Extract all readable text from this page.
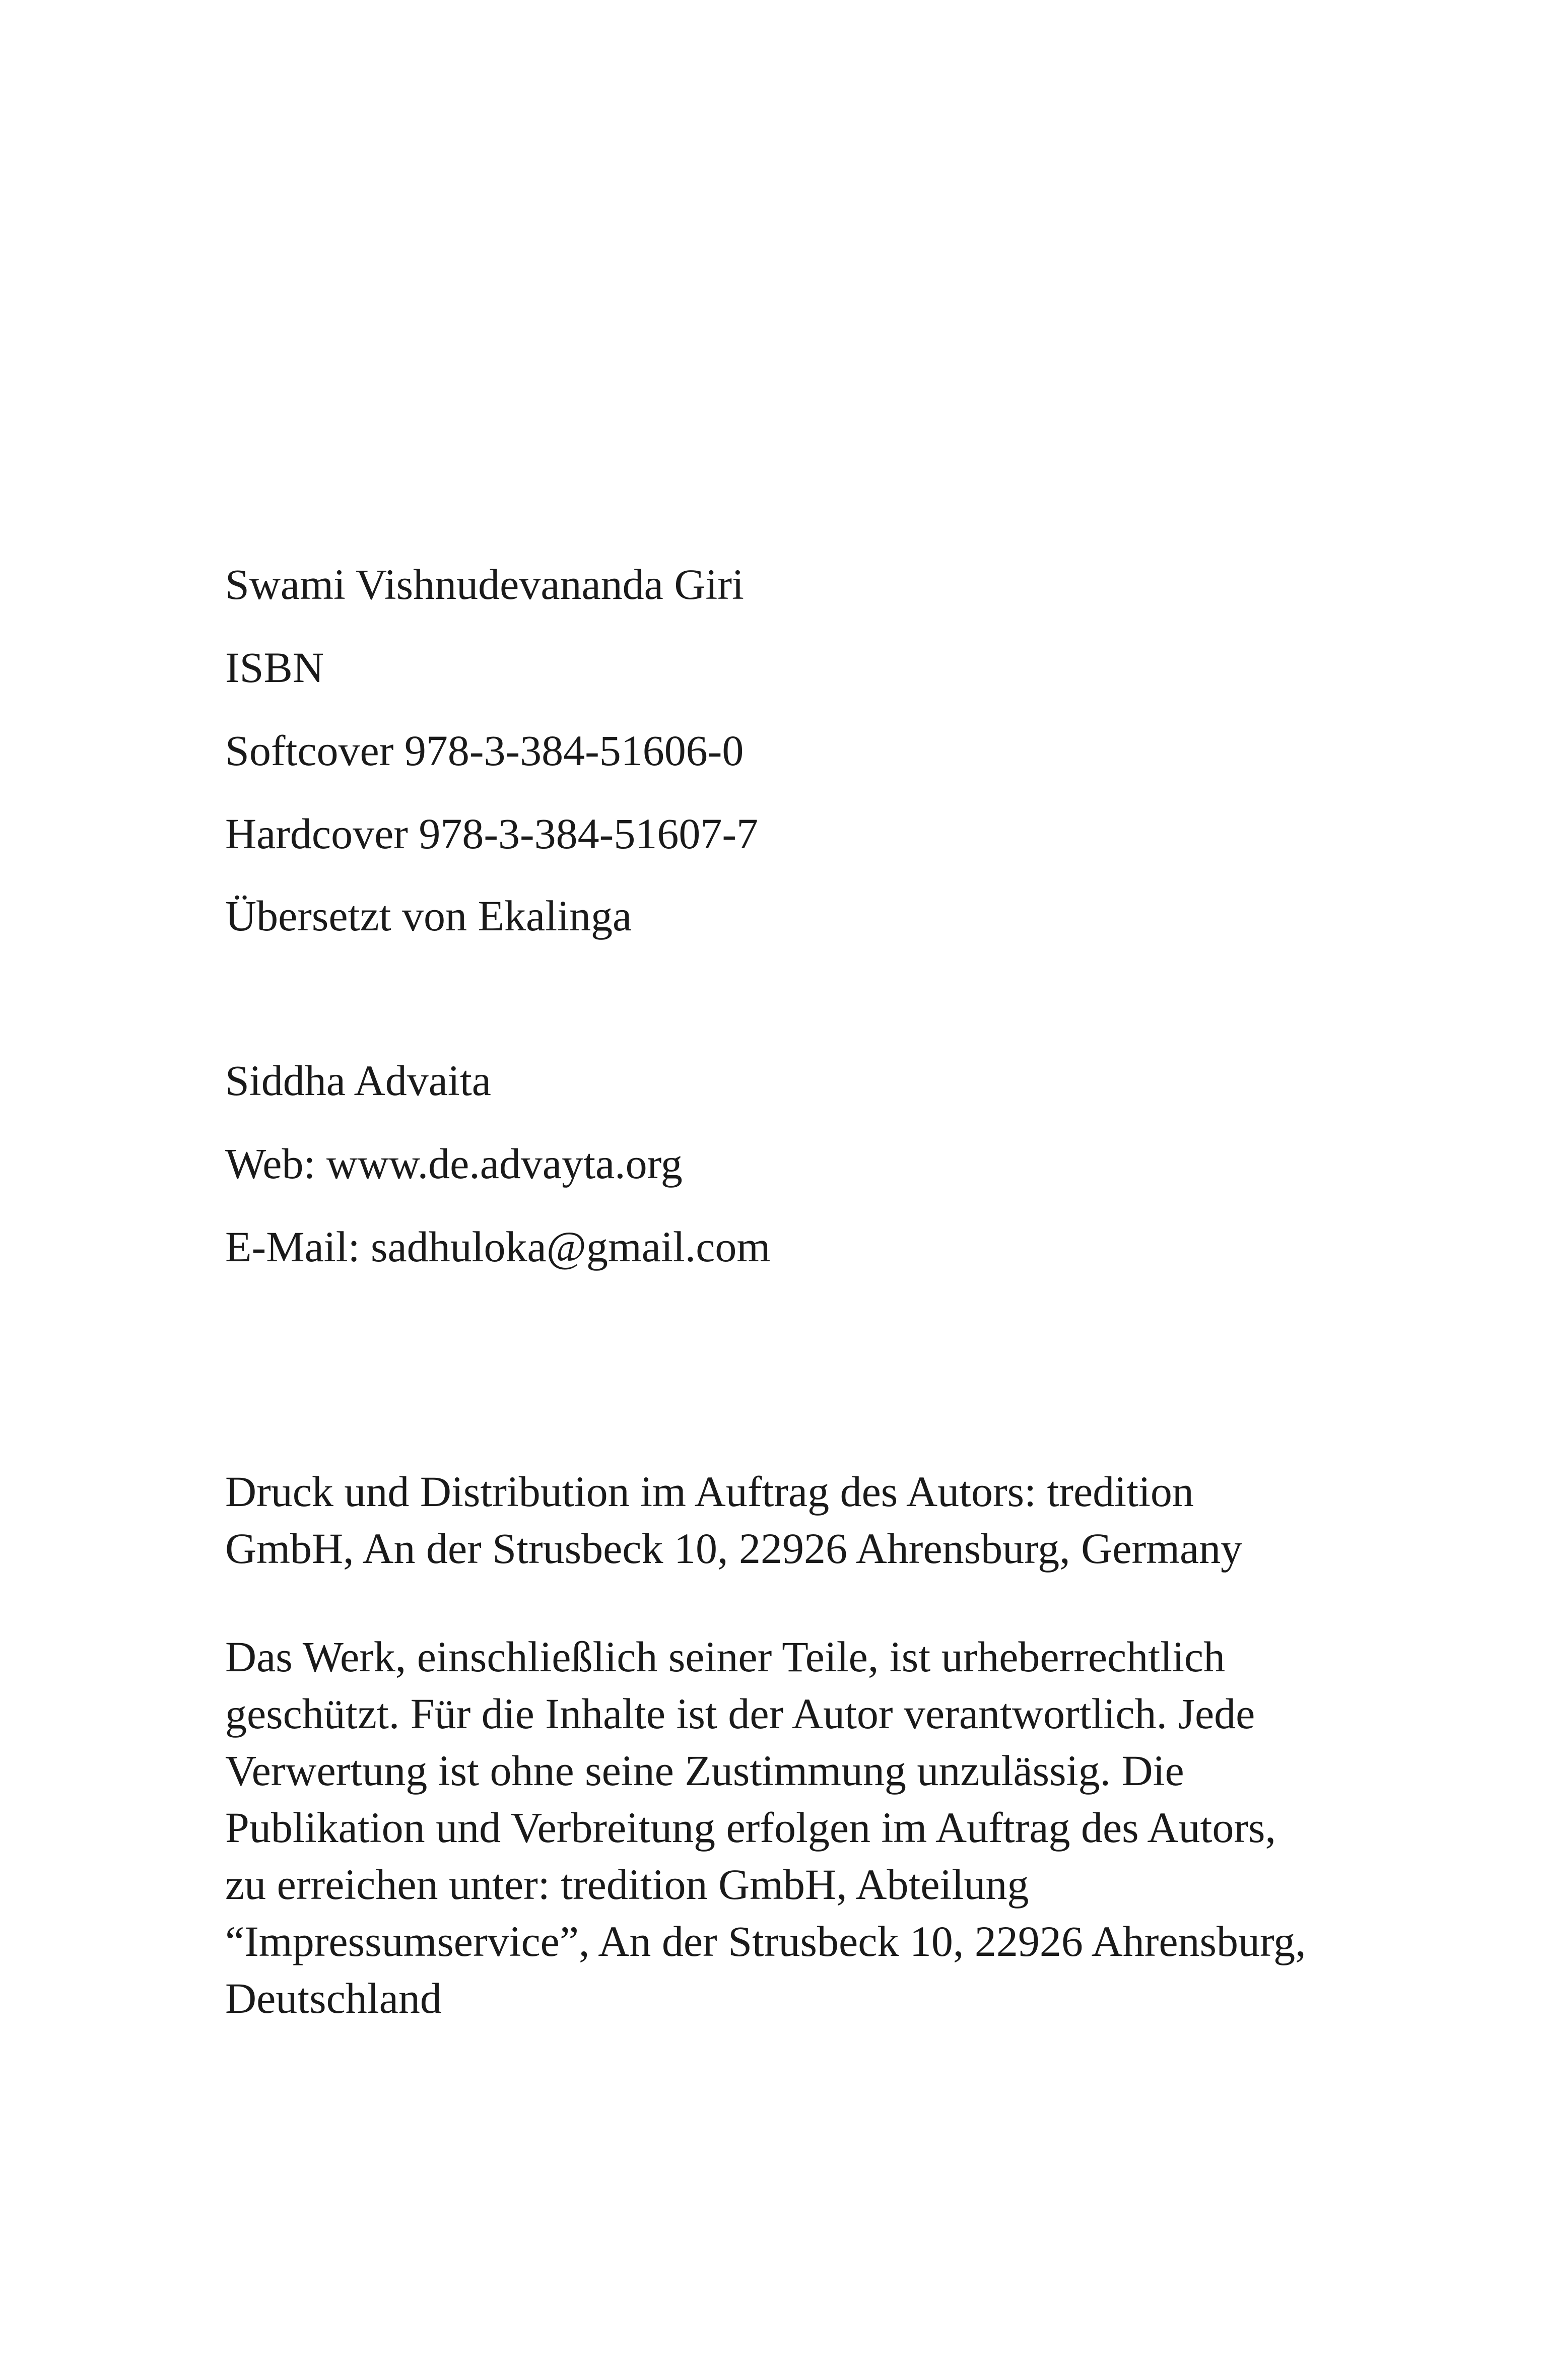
Swami Vishnudevananda Giri

ISBN

Softcover 978-3-384-51606-0

Hardcover 978-3-384-51607-7

Übersetzt von Ekalinga

Siddha Advaita

Web: www.de.advayta.org

E-Mail: sadhuloka@gmail.com

Druck und Distribution im Auftrag des Autors: tredition
GmbH, An der Strusbeck 10, 22926 Ahrensburg, Germany

Das Werk, einschließlich seiner Teile, ist urheberrechtlich
geschützt. Für die Inhalte ist der Autor verantwortlich. Jede
Verwertung ist ohne seine Zustimmung unzulässig. Die
Publikation und Verbreitung erfolgen im Auftrag des Autors,
zu erreichen unter: tredition GmbH, Abteilung
“Impressumservice”, An der Strusbeck 10, 22926 Ahrensburg,
Deutschland
